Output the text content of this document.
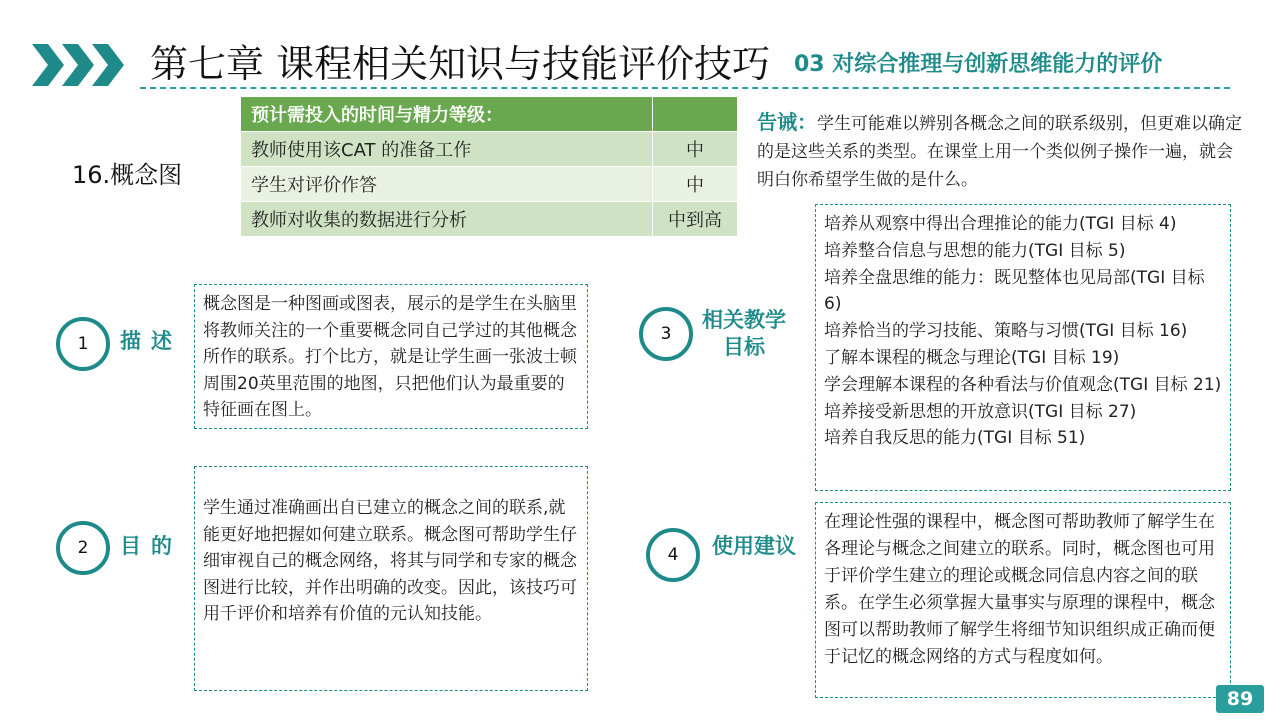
第七章 课程相关知识与技能评价技巧 03 对综合推理与创新思维能力的评价
16.概念图
预计需投入的时间与精力等级：	
教师使用该CAT 的准备工作	中
学生对评价作答	中
教师对收集的数据进行分析	中到高
告诫：学生可能难以辨别各概念之间的联系级别，但更难以确定的是这些关系的类型。在课堂上用一个类似例子操作一遍，就会明白你希望学生做的是什么。
1	描述
概念图是一种图画或图表，展示的是学生在头脑里将教师关注的一个重要概念同自己学过的其他概念所作的联系。打个比方，就是让学生画一张波士顿周围20英里范围的地图，只把他们认为最重要的特征画在图上。
2	目的
学生通过准确画出自已建立的概念之间的联系,就能更好地把握如何建立联系。概念图可帮助学生仔细审视自己的概念网络，将其与同学和专家的概念图进行比较，并作出明确的改变。因此，该技巧可用千评价和培养有价值的元认知技能。
3
相关教学
目标
培养从观察中得出合理推论的能力(TGI 目标 4)
培养整合信息与思想的能力(TGI 目标 5)
培养全盘思维的能力：既见整体也见局部(TGI 目标 6)
培养恰当的学习技能、策略与习惯(TGI 目标 16)
了解本课程的概念与理论(TGI 目标 19)
学会理解本课程的各种看法与价值观念(TGI 目标 21)
培养接受新思想的开放意识(TGI 目标 27)
培养自我反思的能力(TGI 目标 51)
4	使用建议
在理论性强的课程中，概念图可帮助教师了解学生在各理论与概念之间建立的联系。同时，概念图也可用于评价学生建立的理论或概念同信息内容之间的联系。在学生必须掌握大量事实与原理的课程中，概念图可以帮助教师了解学生将细节知识组织成正确而便于记忆的概念网络的方式与程度如何。
89
